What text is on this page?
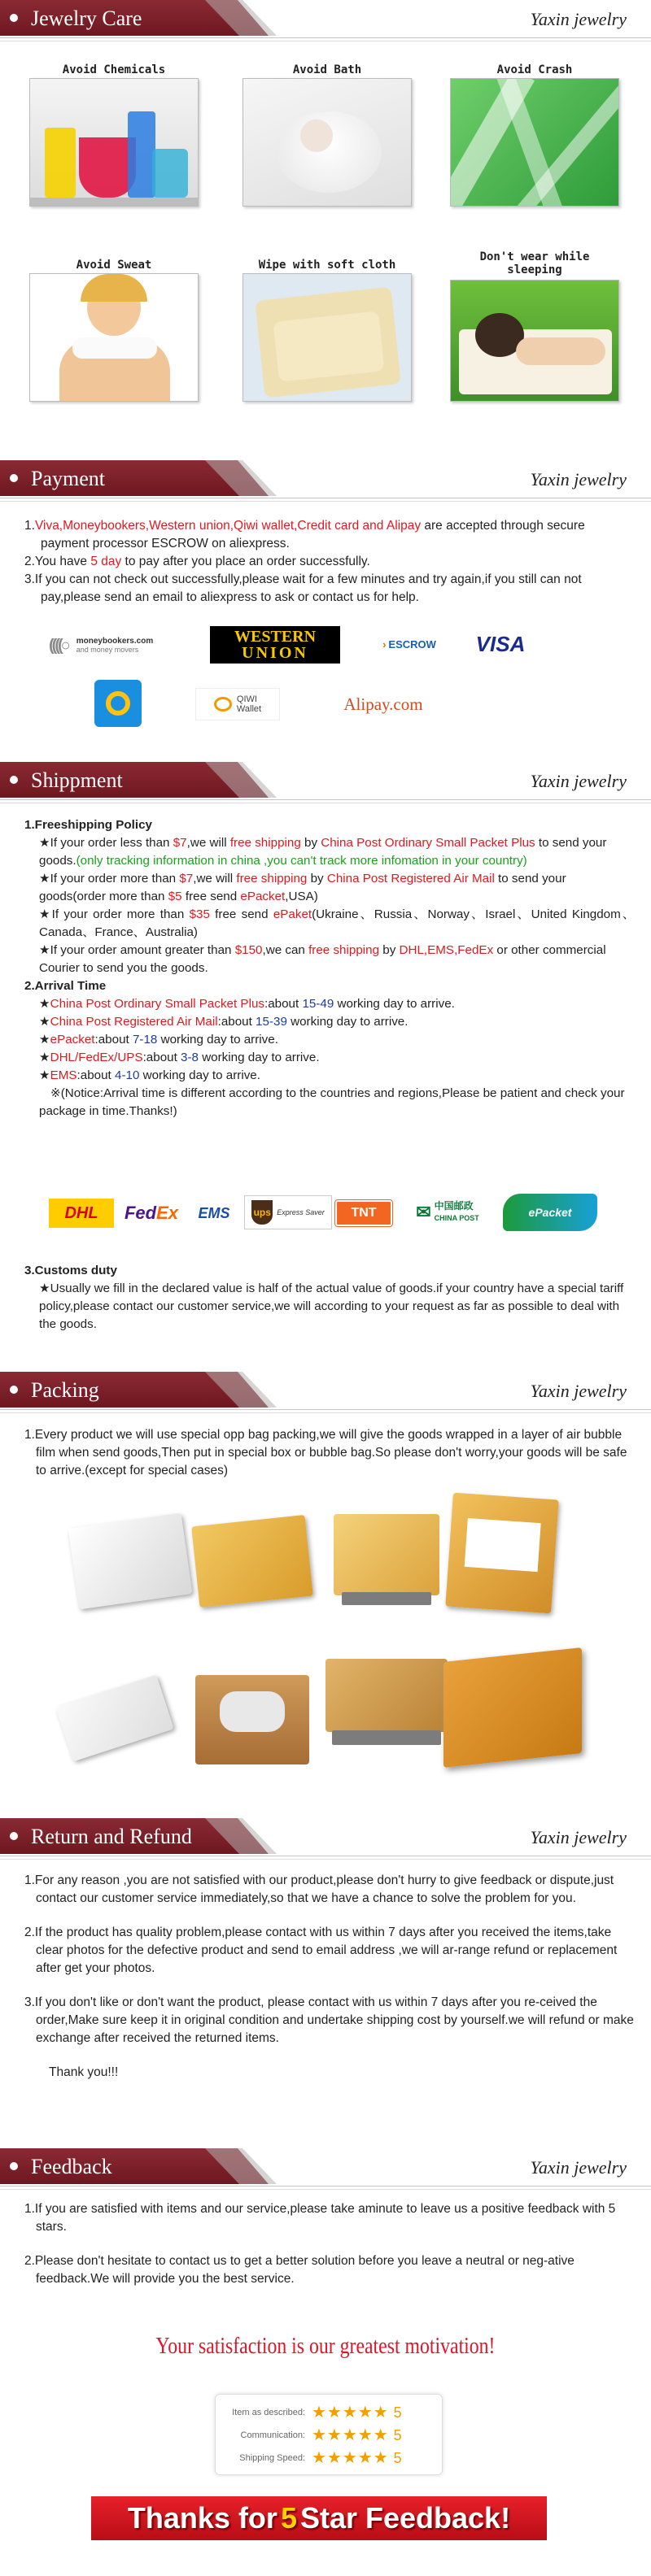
Jewelry Care	Yaxin jewelry
Avoid Chemicals	Avoid Bath	Avoid Crash
Avoid Sweat	Wipe with soft cloth
Don't wear while sleeping
Payment	Yaxin jewelry

1.Viva,Moneybookers,Western union,Qiwi wallet,Credit card and Alipay are accepted through secure payment processor ESCROW on aliexpress.

2.You have 5 day to pay after you place an order successfully.

3.If you can not check out successfully,please wait for a few minutes and try again,if you still can not pay,please send an email to aliexpress to ask or contact us for help.

((((○ moneybookers.com
and money movers
WESTERN
UNION	› ESCROW VISA
QIWI
Wallet	Alipay.com
Shippment	Yaxin jewelry

1.Freeshipping Policy

★If your order less than $7,we will free shipping by China Post Ordinary Small Packet Plus to send your goods.(only tracking information in china ,you can't track more infomation in your country)

★If your order more than $7,we will free shipping by China Post Registered Air Mail to send your goods(order more than $5 free send ePacket,USA)

★If your order more than $35 free send ePaket(Ukraine、Russia、Norway、Israel、United Kingdom、Canada、France、Australia)

★If your order amount greater than $150,we can free shipping by DHL,EMS,FedEx or other commercial Courier to send you the goods.

2.Arrival Time

★China Post Ordinary Small Packet Plus:about 15-49 working day to arrive.

★China Post Registered Air Mail:about 15-39 working day to arrive.

★ePacket:about 7-18 working day to arrive.

★DHL/FedEx/UPS:about 3-8 working day to arrive.

★EMS:about 4-10 working day to arrive.

※(Notice:Arrival time is different according to the countries and regions,Please be patient and check your package in time.Thanks!)

DHL Fed Ex EMS ups Express Saver TNT ✉ 中国邮政
CHINA POST	ePacket

3.Customs duty

★Usually we fill in the declared value is half of the actual value of goods.if your country have a special tariff policy,please contact our customer service,we will according to your request as far as possible to deal with the goods.

Packing	Yaxin jewelry

1.Every product we will use special opp bag packing,we will give the goods wrapped in a layer of air bubble film when send goods,Then put in special box or bubble bag.So please don't worry,your goods will be safe to arrive.(except for special cases)

Return and Refund	Yaxin jewelry

1.For any reason ,you are not satisfied with our product,please don't hurry to give feedback or dispute,just contact our customer service immediately,so that we have a chance to solve the problem for you.

2.If the product has quality problem,please contact with us within 7 days after you received the items,take clear photos for the defective product and send to email address ,we will ar-range refund or replacement after get your photos.

3.If you don't like or don't want the product, please contact with us within 7 days after you re-ceived the order,Make sure keep it in original condition and undertake shipping cost by yourself.we will refund or make exchange after received the returned items.

Thank you!!!

Feedback	Yaxin jewelry

1.If you are satisfied with items and our service,please take aminute to leave us a positive feedback with 5 stars.

2.Please don't hesitate to contact us to get a better solution before you leave a neutral or neg-ative feedback.We will provide you the best service.

Your satisfaction is our greatest motivation!
Item as described: ★★★★★ 5
Communication: ★★★★★ 5
Shipping Speed: ★★★★★ 5
Thanks for 5 Star Feedback!
